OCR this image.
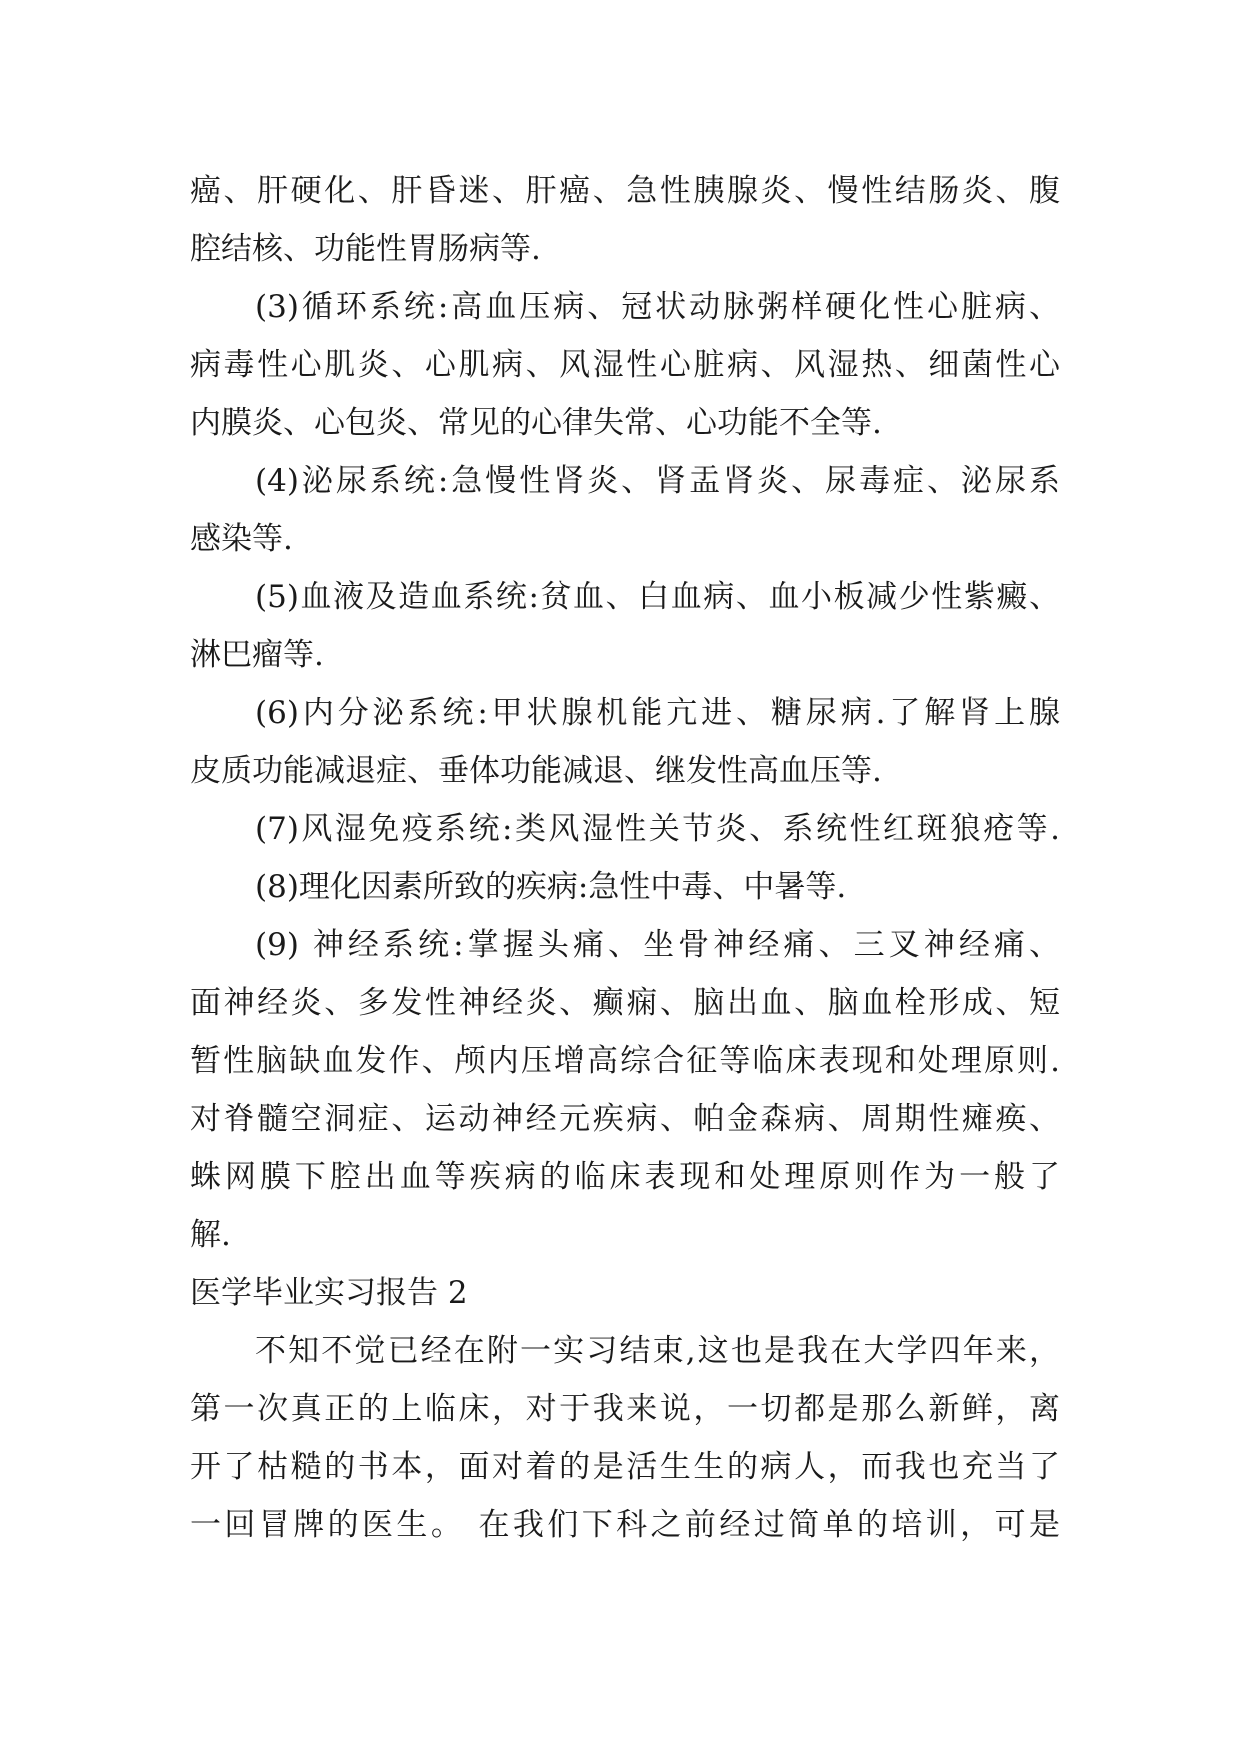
癌、肝硬化、肝昏迷、肝癌、急性胰腺炎、慢性结肠炎、腹
腔结核、功能性胃肠病等.
(3)循环系统:高血压病、冠状动脉粥样硬化性心脏病、
病毒性心肌炎、心肌病、风湿性心脏病、风湿热、细菌性心
内膜炎、心包炎、常见的心律失常、心功能不全等.
(4)泌尿系统:急慢性肾炎、肾盂肾炎、尿毒症、泌尿系
感染等.
(5)血液及造血系统:贫血、白血病、血小板减少性紫癜、
淋巴瘤等.
(6)内分泌系统:甲状腺机能亢进、糖尿病.了解肾上腺
皮质功能减退症、垂体功能减退、继发性高血压等.
(7)风湿免疫系统:类风湿性关节炎、系统性红斑狼疮等.
(8)理化因素所致的疾病:急性中毒、中暑等.
(9) 神经系统:掌握头痛、坐骨神经痛、三叉神经痛、
面神经炎、多发性神经炎、癫痫、脑出血、脑血栓形成、短
暂性脑缺血发作、颅内压增高综合征等临床表现和处理原则.
对脊髓空洞症、运动神经元疾病、帕金森病、周期性瘫痪、
蛛网膜下腔出血等疾病的临床表现和处理原则作为一般了
解.
医学毕业实习报告 2
不知不觉已经在附一实习结束,这也是我在大学四年来，
第一次真正的上临床，对于我来说，一切都是那么新鲜，离
开了枯糙的书本，面对着的是活生生的病人，而我也充当了
一回冒牌的医生。 在我们下科之前经过简单的培训，可是
